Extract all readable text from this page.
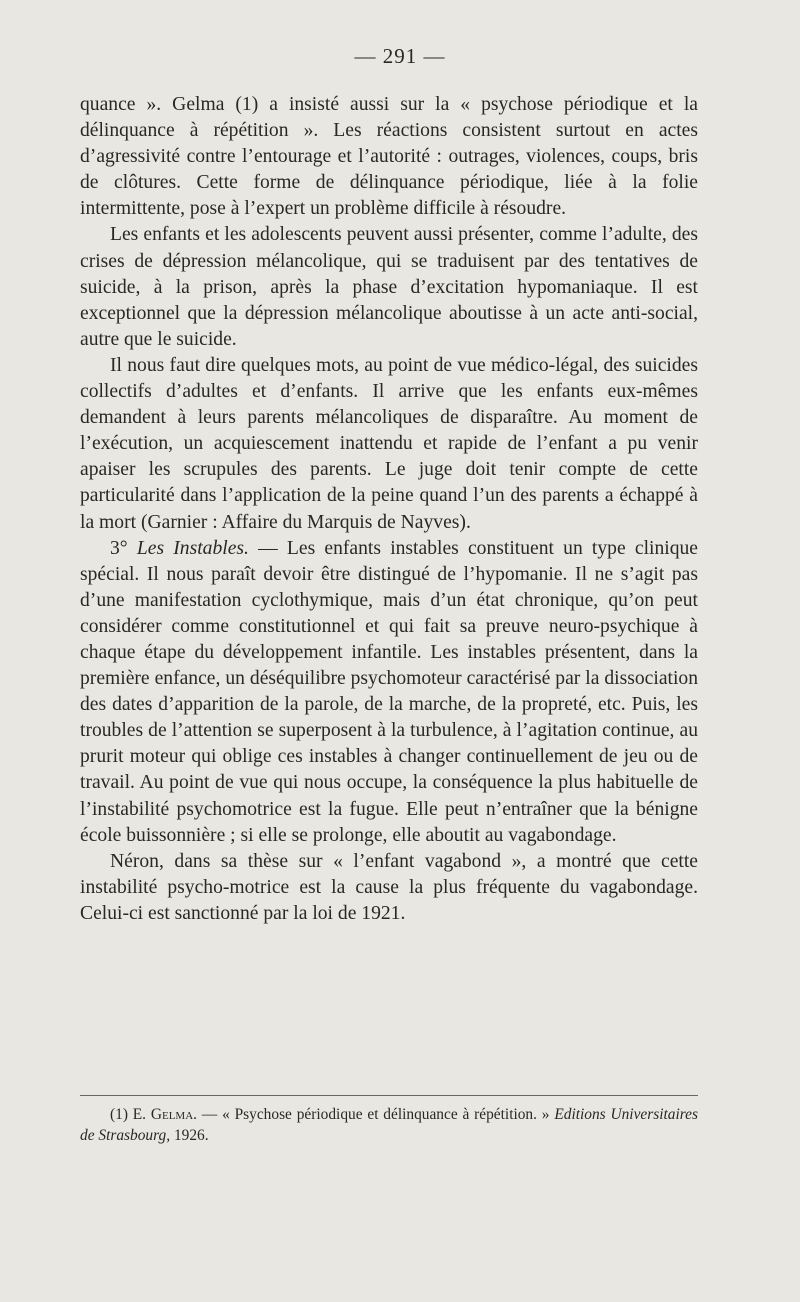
— 291 —

quance ». Gelma (1) a insisté aussi sur la « psychose périodique et la délinquance à répétition ». Les réactions consistent surtout en actes d’agressivité contre l’entourage et l’autorité : outrages, violences, coups, bris de clôtures. Cette forme de délinquance périodique, liée à la folie intermittente, pose à l’expert un problème difficile à résoudre.

Les enfants et les adolescents peuvent aussi présenter, comme l’adulte, des crises de dépression mélancolique, qui se traduisent par des tentatives de suicide, à la prison, après la phase d’excitation hypomaniaque. Il est exceptionnel que la dépression mélancolique aboutisse à un acte anti-social, autre que le suicide.

Il nous faut dire quelques mots, au point de vue médico-légal, des suicides collectifs d’adultes et d’enfants. Il arrive que les enfants eux-mêmes demandent à leurs parents mélancoliques de disparaître. Au moment de l’exécution, un acquiescement inattendu et rapide de l’enfant a pu venir apaiser les scrupules des parents. Le juge doit tenir compte de cette particularité dans l’application de la peine quand l’un des parents a échappé à la mort (Garnier : Affaire du Marquis de Nayves).

3° Les Instables. — Les enfants instables constituent un type clinique spécial. Il nous paraît devoir être distingué de l’hypomanie. Il ne s’agit pas d’une manifestation cyclothymique, mais d’un état chronique, qu’on peut considérer comme constitutionnel et qui fait sa preuve neuro-psychique à chaque étape du développement infantile. Les instables présentent, dans la première enfance, un déséquilibre psychomoteur caractérisé par la dissociation des dates d’apparition de la parole, de la marche, de la propreté, etc. Puis, les troubles de l’attention se superposent à la turbulence, à l’agitation continue, au prurit moteur qui oblige ces instables à changer continuellement de jeu ou de travail. Au point de vue qui nous occupe, la conséquence la plus habituelle de l’instabilité psychomotrice est la fugue. Elle peut n’entraîner que la bénigne école buissonnière ; si elle se prolonge, elle aboutit au vagabondage.

Néron, dans sa thèse sur « l’enfant vagabond », a montré que cette instabilité psycho-motrice est la cause la plus fréquente du vagabondage. Celui-ci est sanctionné par la loi de 1921.

(1) E. Gelma. — « Psychose périodique et délinquance à répétition. » Editions Universitaires de Strasbourg, 1926.
